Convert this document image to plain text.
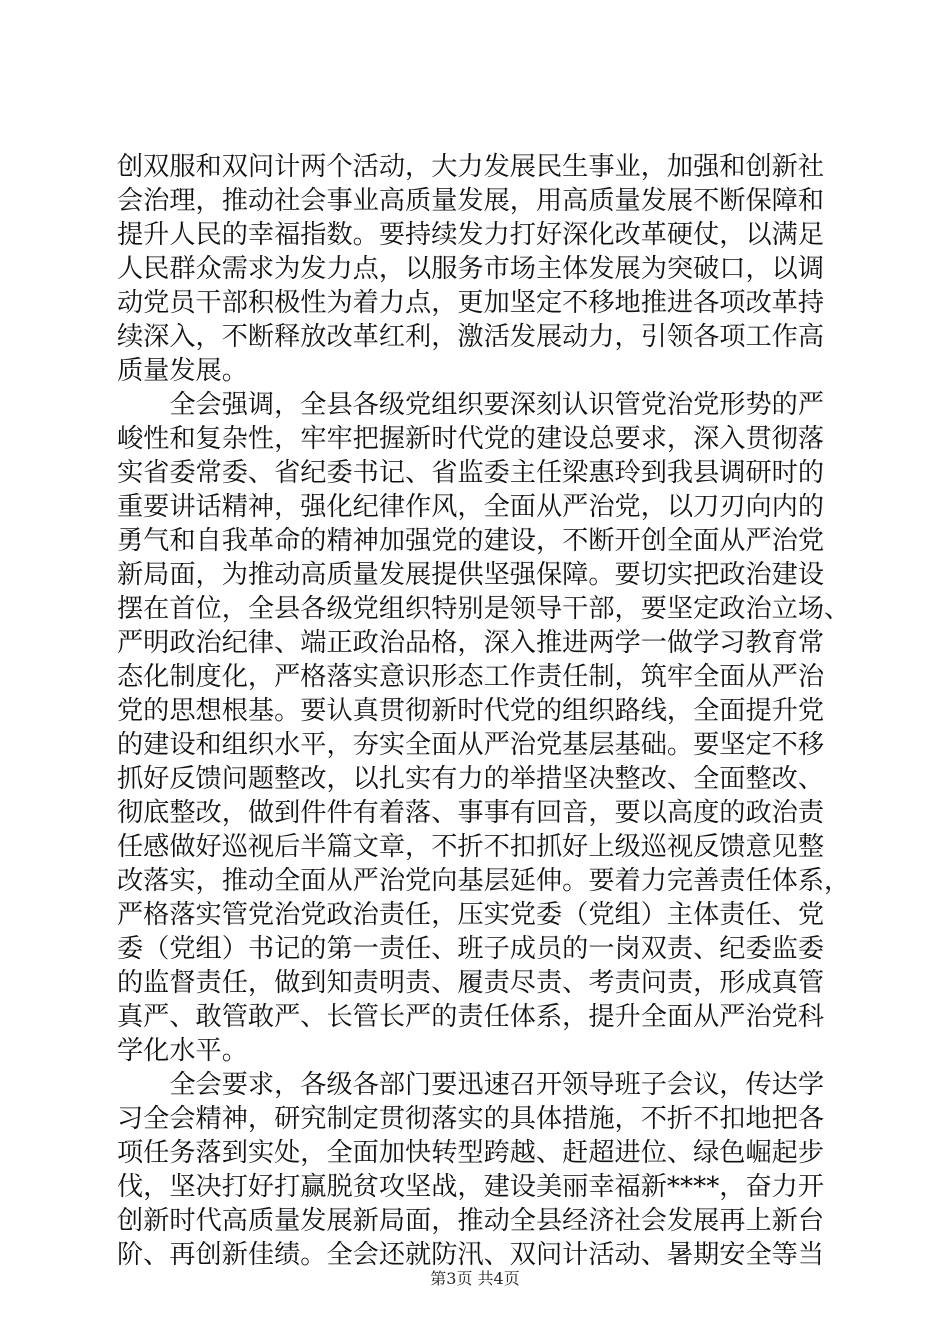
创双服和双问计两个活动，大力发展民生事业，加强和创新社
会治理，推动社会事业高质量发展，用高质量发展不断保障和
提升人民的幸福指数。要持续发力打好深化改革硬仗，以满足
人民群众需求为发力点，以服务市场主体发展为突破口，以调
动党员干部积极性为着力点，更加坚定不移地推进各项改革持
续深入，不断释放改革红利，激活发展动力，引领各项工作高
质量发展。
　　全会强调，全县各级党组织要深刻认识管党治党形势的严
峻性和复杂性，牢牢把握新时代党的建设总要求，深入贯彻落
实省委常委、省纪委书记、省监委主任梁惠玲到我县调研时的
重要讲话精神，强化纪律作风，全面从严治党，以刀刃向内的
勇气和自我革命的精神加强党的建设，不断开创全面从严治党
新局面，为推动高质量发展提供坚强保障。要切实把政治建设
摆在首位，全县各级党组织特别是领导干部，要坚定政治立场、
严明政治纪律、端正政治品格，深入推进两学一做学习教育常
态化制度化，严格落实意识形态工作责任制，筑牢全面从严治
党的思想根基。要认真贯彻新时代党的组织路线，全面提升党
的建设和组织水平，夯实全面从严治党基层基础。要坚定不移
抓好反馈问题整改，以扎实有力的举措坚决整改、全面整改、
彻底整改，做到件件有着落、事事有回音，要以高度的政治责
任感做好巡视后半篇文章，不折不扣抓好上级巡视反馈意见整
改落实，推动全面从严治党向基层延伸。要着力完善责任体系，
严格落实管党治党政治责任，压实党委（党组）主体责任、党
委（党组）书记的第一责任、班子成员的一岗双责、纪委监委
的监督责任，做到知责明责、履责尽责、考责问责，形成真管
真严、敢管敢严、长管长严的责任体系，提升全面从严治党科
学化水平。
　　全会要求，各级各部门要迅速召开领导班子会议，传达学
习全会精神，研究制定贯彻落实的具体措施，不折不扣地把各
项任务落到实处，全面加快转型跨越、赶超进位、绿色崛起步
伐，坚决打好打赢脱贫攻坚战，建设美丽幸福新****，奋力开
创新时代高质量发展新局面，推动全县经济社会发展再上新台
阶、再创新佳绩。全会还就防汛、双问计活动、暑期安全等当
第3页 共4页
